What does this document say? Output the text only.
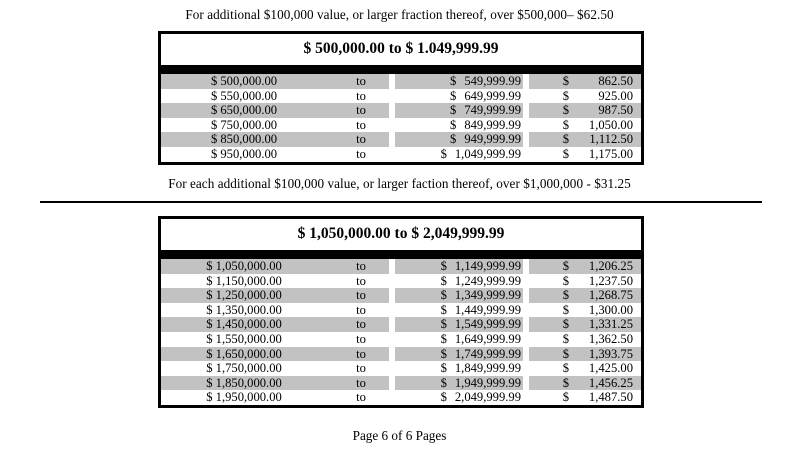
For additional $100,000 value, or larger fraction thereof, over $500,000– $62.50
$ 500,000.00 to $ 1.049,999.99
$ 500,000.00	to	$ 549,999.99	$	862.50
$ 550,000.00	to	$ 649,999.99	$	925.00
$ 650,000.00	to	$ 749,999.99	$	987.50
$ 750,000.00	to	$ 849,999.99	$	1,050.00
$ 850,000.00	to	$ 949,999.99	$	1,112.50
$ 950,000.00	to	$ 1,049,999.99	$	1,175.00
For each additional $100,000 value, or larger faction thereof, over $1,000,000 - $31.25
$ 1,050,000.00 to $ 2,049,999.99
$ 1,050,000.00	to	$ 1,149,999.99	$	1,206.25
$ 1,150,000.00	to	$ 1,249,999.99	$	1,237.50
$ 1,250,000.00	to	$ 1,349,999.99	$	1,268.75
$ 1,350,000.00	to	$ 1,449,999.99	$	1,300.00
$ 1,450,000.00	to	$ 1,549,999.99	$	1,331.25
$ 1,550,000.00	to	$ 1,649,999.99	$	1,362.50
$ 1,650,000.00	to	$ 1,749,999.99	$	1,393.75
$ 1,750,000.00	to	$ 1,849,999.99	$	1,425.00
$ 1,850,000.00	to	$ 1,949,999.99	$	1,456.25
$ 1,950,000.00	to	$ 2,049,999.99	$	1,487.50
Page 6 of 6 Pages
